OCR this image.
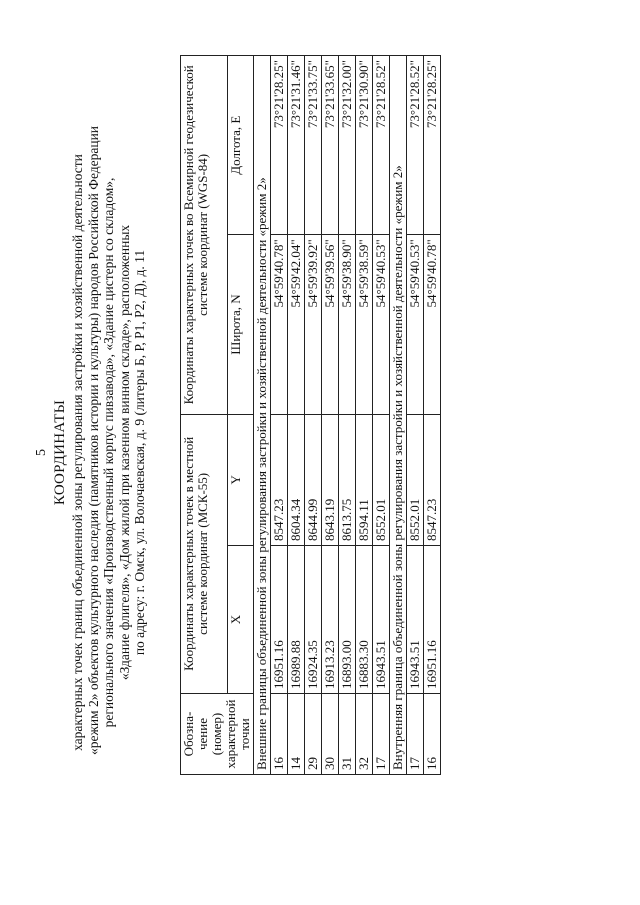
5 КООРДИНАТЫ характерных точек границ объединенной зоны регулирования застройки и хозяйственной деятельности «режим 2» объектов культурного наследия (памятников истории и культуры) народов Российской Федерации регионального значения «Производственный корпус пивзавода», «Здание цистерн со складом», «Здание флигеля», «Дом жилой при казенном винном складе», расположенных по адресу: г. Омск, ул. Волочаевская, д. 9 (литеры Б, Р, Р1, Р2, Д), д. 11
Обозна- чение (номер) характерной точки	Координаты характерных точек в местной системе координат (МСК-55)		Координаты характерных точек во Всемирной геодезической системе координат (WGS-84)	
	X	Y	Широта, N	Долгота, E
Внешние границы объединенной зоны регулирования застройки и хозяйственной деятельности «режим 2»				
16	16951.16	8547.23	54°59'40.78"	73°21'28.25"
14	16989.88	8604.34	54°59'42.04"	73°21'31.46"
29	16924.35	8644.99	54°59'39.92"	73°21'33.75"
30	16913.23	8643.19	54°59'39.56"	73°21'33.65"
31	16893.00	8613.75	54°59'38.90"	73°21'32.00"
32	16883.30	8594.11	54°59'38.59"	73°21'30.90"
17	16943.51	8552.01	54°59'40.53"	73°21'28.52"
Внутренняя граница объединенной зоны регулирования застройки и хозяйственной деятельности «режим 2»				
17	16943.51	8552.01	54°59'40.53"	73°21'28.52"
16	16951.16	8547.23	54°59'40.78"	73°21'28.25"
